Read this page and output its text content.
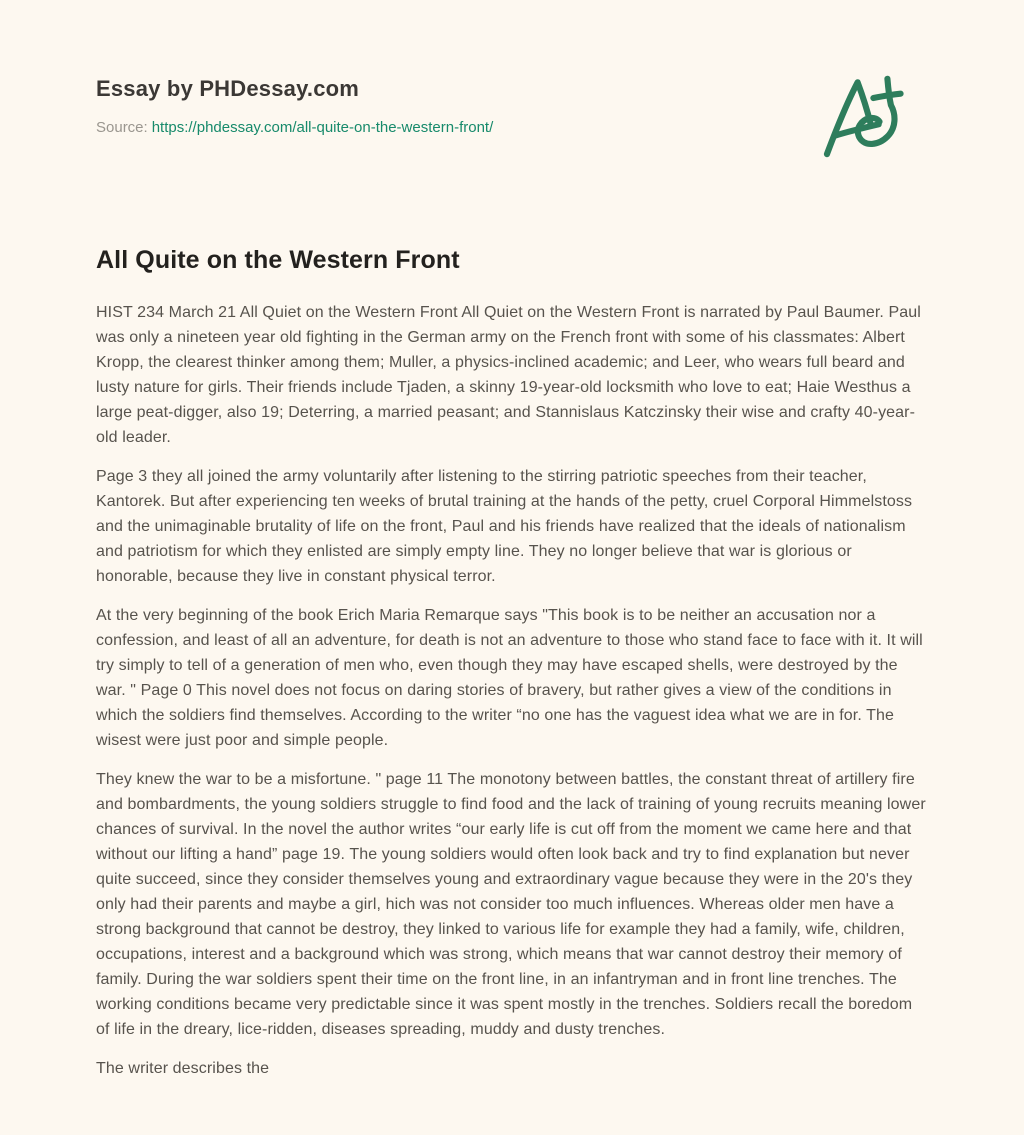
Essay by PHDessay.com
Source: https://phdessay.com/all-quite-on-the-western-front/
All Quite on the Western Front

HIST 234 March 21 All Quiet on the Western Front All Quiet on the Western Front is narrated by Paul Baumer. Paul was only a nineteen year old fighting in the German army on the French front with some of his classmates: Albert Kropp, the clearest thinker among them; Muller, a physics-inclined academic; and Leer, who wears full beard and lusty nature for girls. Their friends include Tjaden, a skinny 19-year-old locksmith who love to eat; Haie Westhus a large peat-digger, also 19; Deterring, a married peasant; and Stannislaus Katczinsky their wise and crafty 40-year-old leader.

Page 3 they all joined the army voluntarily after listening to the stirring patriotic speeches from their teacher, Kantorek. But after experiencing ten weeks of brutal training at the hands of the petty, cruel Corporal Himmelstoss and the unimaginable brutality of life on the front, Paul and his friends have realized that the ideals of nationalism and patriotism for which they enlisted are simply empty line. They no longer believe that war is glorious or honorable, because they live in constant physical terror.

At the very beginning of the book Erich Maria Remarque says "This book is to be neither an accusation nor a confession, and least of all an adventure, for death is not an adventure to those who stand face to face with it. It will try simply to tell of a generation of men who, even though they may have escaped shells, were destroyed by the war. " Page 0 This novel does not focus on daring stories of bravery, but rather gives a view of the conditions in which the soldiers find themselves. According to the writer “no one has the vaguest idea what we are in for. The wisest were just poor and simple people.

They knew the war to be a misfortune. " page 11 The monotony between battles, the constant threat of artillery fire and bombardments, the young soldiers struggle to find food and the lack of training of young recruits meaning lower chances of survival. In the novel the author writes “our early life is cut off from the moment we came here and that without our lifting a hand” page 19. The young soldiers would often look back and try to find explanation but never quite succeed, since they consider themselves young and extraordinary vague because they were in the 20's they only had their parents and maybe a girl, hich was not consider too much influences. Whereas older men have a strong background that cannot be destroy, they linked to various life for example they had a family, wife, children, occupations, interest and a background which was strong, which means that war cannot destroy their memory of family. During the war soldiers spent their time on the front line, in an infantryman and in front line trenches. The working conditions became very predictable since it was spent mostly in the trenches. Soldiers recall the boredom of life in the dreary, lice-ridden, diseases spreading, muddy and dusty trenches.

The writer describes the
